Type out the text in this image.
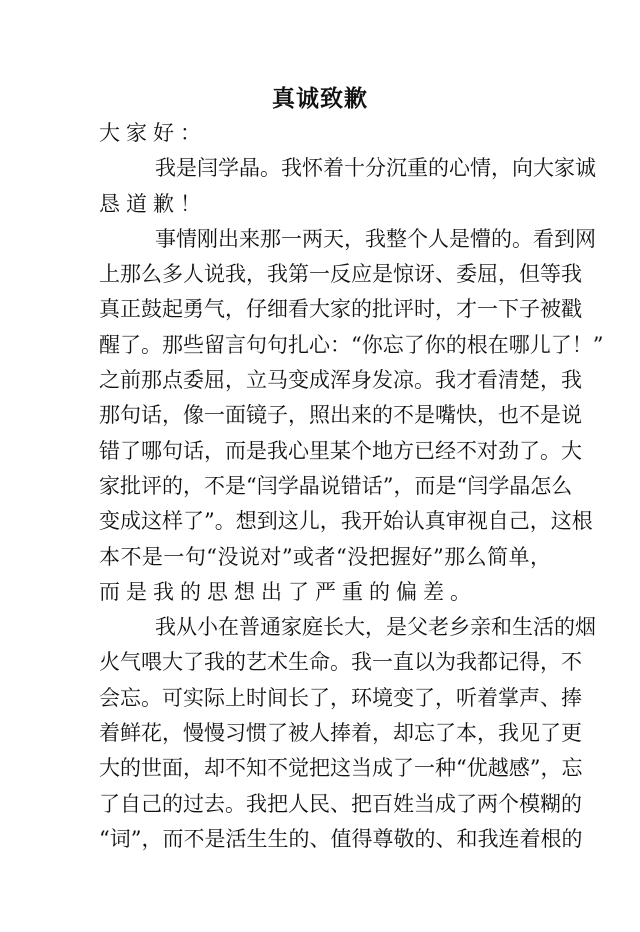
真诚致歉
大家好：
我是闫学晶。我怀着十分沉重的心情，向大家诚
恳道歉！
事情刚出来那一两天，我整个人是懵的。看到网
上那么多人说我，我第一反应是惊讶、委屈，但等我
真正鼓起勇气，仔细看大家的批评时，才一下子被戳
醒了。那些留言句句扎心：“你忘了你的根在哪儿了！”
之前那点委屈，立马变成浑身发凉。我才看清楚，我
那句话，像一面镜子，照出来的不是嘴快，也不是说
错了哪句话，而是我心里某个地方已经不对劲了。大
家批评的，不是“闫学晶说错话”，而是“闫学晶怎么
变成这样了”。想到这儿，我开始认真审视自己，这根
本不是一句“没说对”或者“没把握好”那么简单，
而是我的思想出了严重的偏差。
我从小在普通家庭长大，是父老乡亲和生活的烟
火气喂大了我的艺术生命。我一直以为我都记得，不
会忘。可实际上时间长了，环境变了，听着掌声、捧
着鲜花，慢慢习惯了被人捧着，却忘了本，我见了更
大的世面，却不知不觉把这当成了一种“优越感”，忘
了自己的过去。我把人民、把百姓当成了两个模糊的
“词”，而不是活生生的、值得尊敬的、和我连着根的
